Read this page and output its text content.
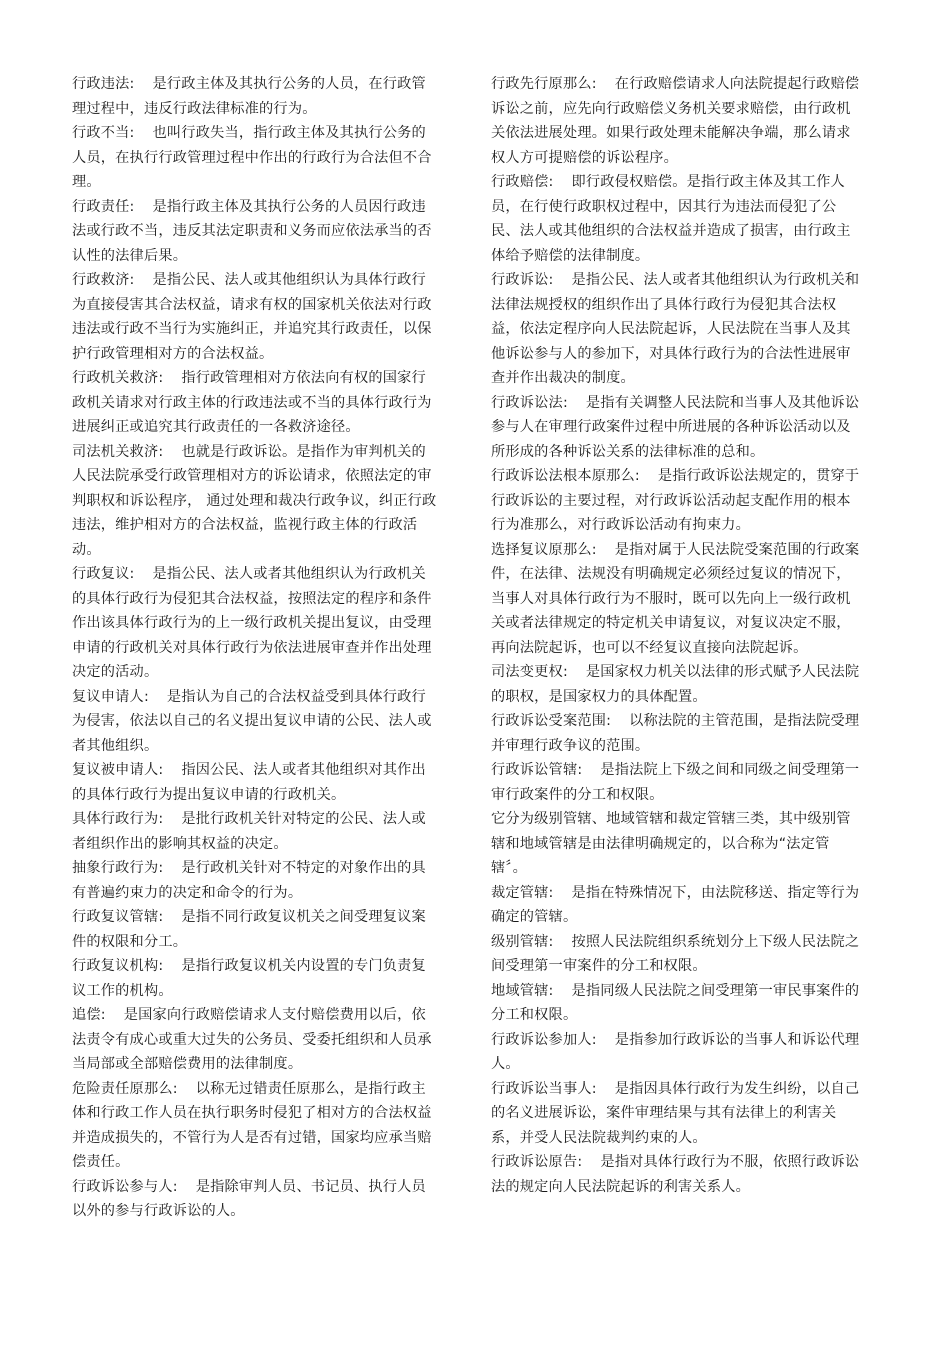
行政违法: 是行政主体及其执行公务的人员，在行政管理过程中，违反行政法律标准的行为。

行政不当: 也叫行政失当，指行政主体及其执行公务的人员，在执行行政管理过程中作出的行政行为合法但不合理。

行政责任: 是指行政主体及其执行公务的人员因行政违法或行政不当，违反其法定职责和义务而应依法承当的否认性的法律后果。

行政救济: 是指公民、法人或其他组织认为具体行政行为直接侵害其合法权益，请求有权的国家机关依法对行政违法或行政不当行为实施纠正，并追究其行政责任，以保护行政管理相对方的合法权益。

行政机关救济: 指行政管理相对方依法向有权的国家行政机关请求对行政主体的行政违法或不当的具体行政行为进展纠正或追究其行政责任的一各救济途径。

司法机关救济: 也就是行政诉讼。是指作为审判机关的人民法院承受行政管理相对方的诉讼请求，依照法定的审判职权和诉讼程序， 通过处理和裁决行政争议，纠正行政违法，维护相对方的合法权益，监视行政主体的行政活动。

行政复议: 是指公民、法人或者其他组织认为行政机关的具体行政行为侵犯其合法权益，按照法定的程序和条件作出该具体行政行为的上一级行政机关提出复议，由受理申请的行政机关对具体行政行为依法进展审查并作出处理决定的活动。

复议申请人: 是指认为自己的合法权益受到具体行政行为侵害，依法以自己的名义提出复议申请的公民、法人或者其他组织。

复议被申请人: 指因公民、法人或者其他组织对其作出的具体行政行为提出复议申请的行政机关。

具体行政行为: 是批行政机关针对特定的公民、法人或者组织作出的影响其权益的决定。

抽象行政行为: 是行政机关针对不特定的对象作出的具有普遍约束力的决定和命令的行为。

行政复议管辖: 是指不同行政复议机关之间受理复议案件的权限和分工。

行政复议机构: 是指行政复议机关内设置的专门负责复议工作的机构。

追偿: 是国家向行政赔偿请求人支付赔偿费用以后，依法责令有成心或重大过失的公务员、受委托组织和人员承当局部或全部赔偿费用的法律制度。

危险责任原那么: 以称无过错责任原那么，是指行政主体和行政工作人员在执行职务时侵犯了相对方的合法权益并造成损失的，不管行为人是否有过错，国家均应承当赔偿责任。

行政诉讼参与人: 是指除审判人员、书记员、执行人员以外的参与行政诉讼的人。

行政先行原那么: 在行政赔偿请求人向法院提起行政赔偿诉讼之前，应先向行政赔偿义务机关要求赔偿，由行政机关依法进展处理。如果行政处理未能解决争端，那么请求权人方可提赔偿的诉讼程序。

行政赔偿: 即行政侵权赔偿。是指行政主体及其工作人员，在行使行政职权过程中，因其行为违法而侵犯了公民、法人或其他组织的合法权益并造成了损害，由行政主体给予赔偿的法律制度。

行政诉讼: 是指公民、法人或者其他组织认为行政机关和法律法规授权的组织作出了具体行政行为侵犯其合法权益，依法定程序向人民法院起诉，人民法院在当事人及其他诉讼参与人的参加下，对具体行政行为的合法性进展审查并作出裁决的制度。

行政诉讼法: 是指有关调整人民法院和当事人及其他诉讼参与人在审理行政案件过程中所进展的各种诉讼活动以及所形成的各种诉讼关系的法律标准的总和。

行政诉讼法根本原那么: 是指行政诉讼法规定的，贯穿于行政诉讼的主要过程，对行政诉讼活动起支配作用的根本行为准那么，对行政诉讼活动有拘束力。

选择复议原那么: 是指对属于人民法院受案范围的行政案件，在法律、法规没有明确规定必须经过复议的情况下，当事人对具体行政行为不服时，既可以先向上一级行政机关或者法律规定的特定机关申请复议，对复议决定不服，再向法院起诉，也可以不经复议直接向法院起诉。

司法变更权: 是国家权力机关以法律的形式赋予人民法院的职权，是国家权力的具体配置。

行政诉讼受案范围: 以称法院的主管范围，是指法院受理并审理行政争议的范围。

行政诉讼管辖: 是指法院上下级之间和同级之间受理第一审行政案件的分工和权限。

它分为级别管辖、地域管辖和裁定管辖三类，其中级别管辖和地域管辖是由法律明确规定的，以合称为“法定管辖〞。

裁定管辖: 是指在特殊情况下，由法院移送、指定等行为确定的管辖。

级别管辖: 按照人民法院组织系统划分上下级人民法院之间受理第一审案件的分工和权限。

地域管辖: 是指同级人民法院之间受理第一审民事案件的分工和权限。

行政诉讼参加人: 是指参加行政诉讼的当事人和诉讼代理人。

行政诉讼当事人: 是指因具体行政行为发生纠纷，以自己的名义进展诉讼，案件审理结果与其有法律上的利害关系，并受人民法院裁判约束的人。

行政诉讼原告: 是指对具体行政行为不服，依照行政诉讼法的规定向人民法院起诉的利害关系人。
